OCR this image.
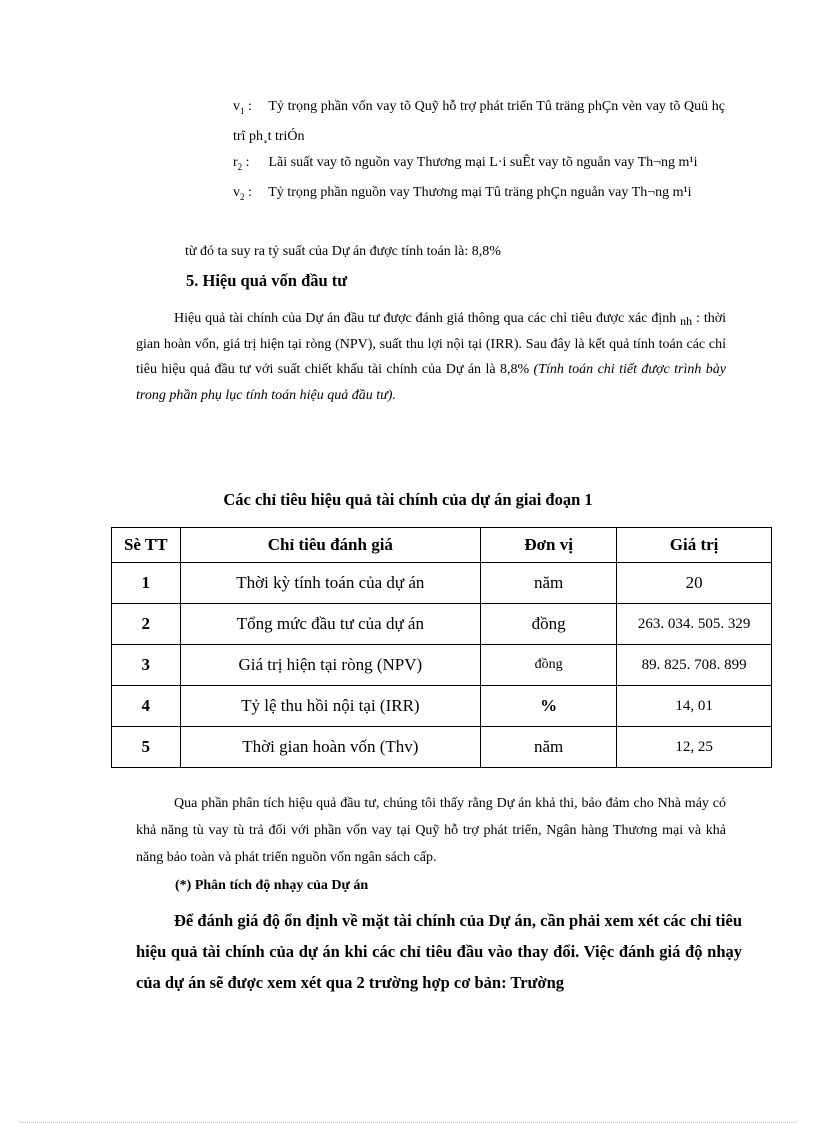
$v_1$ : Tỷ trọng phần vốn vay tõ Quỹ hỗ trợ phát triển Tû träng phÇn vèn vay tõ Quü hç trî ph¸t triÓn

$r_2$ : Lãi suất vay tõ nguồn vay Thương mại L·i suÊt vay tõ nguån vay Th¬ng m¹i

$v_2$ : Tỷ trọng phần nguồn vay Thương mại Tû träng phÇn nguån vay Th¬ng m¹i

từ đó ta suy ra tỷ suất của Dự án được tính toán là: 8,8%
5. Hiệu quả vốn đầu tư

Hiệu quả tài chính của Dự án đầu tư được đánh giá thông qua các chỉ tiêu được xác định nh : thời gian hoàn vốn, giá trị hiện tại ròng (NPV), suất thu lợi nội tại (IRR). Sau đây là kết quả tính toán các chỉ tiêu hiệu quả đầu tư với suất chiết khấu tài chính của Dự án là 8,8% (Tính toán chi tiết được trình bày trong phần phụ lục tính toán hiệu quả đầu tư).

Các chỉ tiêu hiệu quả tài chính của dự án giai đoạn 1
Sè TT	Chỉ tiêu đánh giá	Đơn vị	Giá trị
1	Thời kỳ tính toán của dự án	năm	20
2	Tổng mức đầu tư của dự án	đồng	263. 034. 505. 329
3	Giá trị hiện tại ròng (NPV)	đồng	89. 825. 708. 899
4	Tỷ lệ thu hồi nội tại (IRR)	%	14, 01
5	Thời gian hoàn vốn (Thv)	năm	12, 25

Qua phần phân tích hiệu quả đầu tư, chúng tôi thấy rằng Dự án khả thi, bảo đảm cho Nhà máy có khả năng tù vay tù trả đối với phần vốn vay tại Quỹ hỗ trợ phát triển, Ngân hàng Thương mại và khả năng bảo toàn và phát triển nguồn vốn ngân sách cấp.

(*) Phân tích độ nhạy của Dự án

Để đánh giá độ ổn định về mặt tài chính của Dự án, cần phải xem xét các chỉ tiêu hiệu quả tài chính của dự án khi các chỉ tiêu đầu vào thay đổi. Việc đánh giá độ nhạy của dự án sẽ được xem xét qua 2 trường hợp cơ bản: Trường
